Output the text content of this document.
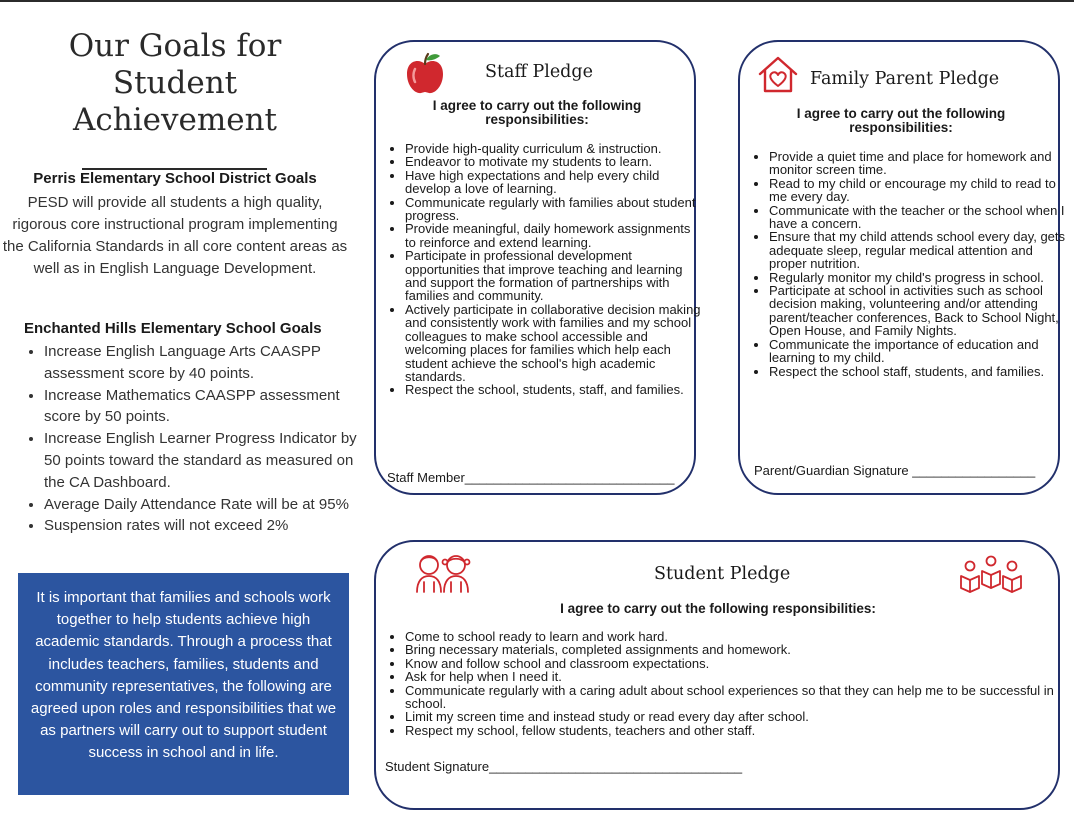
Our Goals for Student Achievement
Perris Elementary School District Goals
PESD will provide all students a high quality, rigorous core instructional program implementing the California Standards in all core content areas as well as in English Language Development.
Enchanted Hills Elementary School Goals
• Increase English Language Arts CAASPP assessment score by 40 points.
• Increase Mathematics CAASPP assessment score by 50 points.
• Increase English Learner Progress Indicator by 50 points toward the standard as measured on the CA Dashboard.
• Average Daily Attendance Rate will be at 95%
• Suspension rates will not exceed 2%
It is important that families and schools work together to help students achieve high academic standards. Through a process that includes teachers, families, students and community representatives, the following are agreed upon roles and responsibilities that we as partners will carry out to support student success in school and in life.
Staff Pledge
I agree to carry out the following responsibilities:
• Provide high-quality curriculum & instruction.
• Endeavor to motivate my students to learn.
• Have high expectations and help every child develop a love of learning.
• Communicate regularly with families about student progress.
• Provide meaningful, daily homework assignments to reinforce and extend learning.
• Participate in professional development opportunities that improve teaching and learning and support the formation of partnerships with families and community.
• Actively participate in collaborative decision making and consistently work with families and my school colleagues to make school accessible and welcoming places for families which help each student achieve the school's high academic standards.
• Respect the school, students, staff, and families.
Staff Member_____________________________
Family Parent Pledge
I agree to carry out the following responsibilities:
• Provide a quiet time and place for homework and monitor screen time.
• Read to my child or encourage my child to read to me every day.
• Communicate with the teacher or the school when I have a concern.
• Ensure that my child attends school every day, gets adequate sleep, regular medical attention and proper nutrition.
• Regularly monitor my child's progress in school.
• Participate at school in activities such as school decision making, volunteering and/or attending parent/teacher conferences, Back to School Night, Open House, and Family Nights.
• Communicate the importance of education and learning to my child.
• Respect the school staff, students, and families.
Parent/Guardian Signature _________________
Student Pledge
I agree to carry out the following responsibilities:
• Come to school ready to learn and work hard.
• Bring necessary materials, completed assignments and homework.
• Know and follow school and classroom expectations.
• Ask for help when I need it.
• Communicate regularly with a caring adult about school experiences so that they can help me to be successful in school.
• Limit my screen time and instead study or read every day after school.
• Respect my school, fellow students, teachers and other staff.
Student Signature___________________________________
